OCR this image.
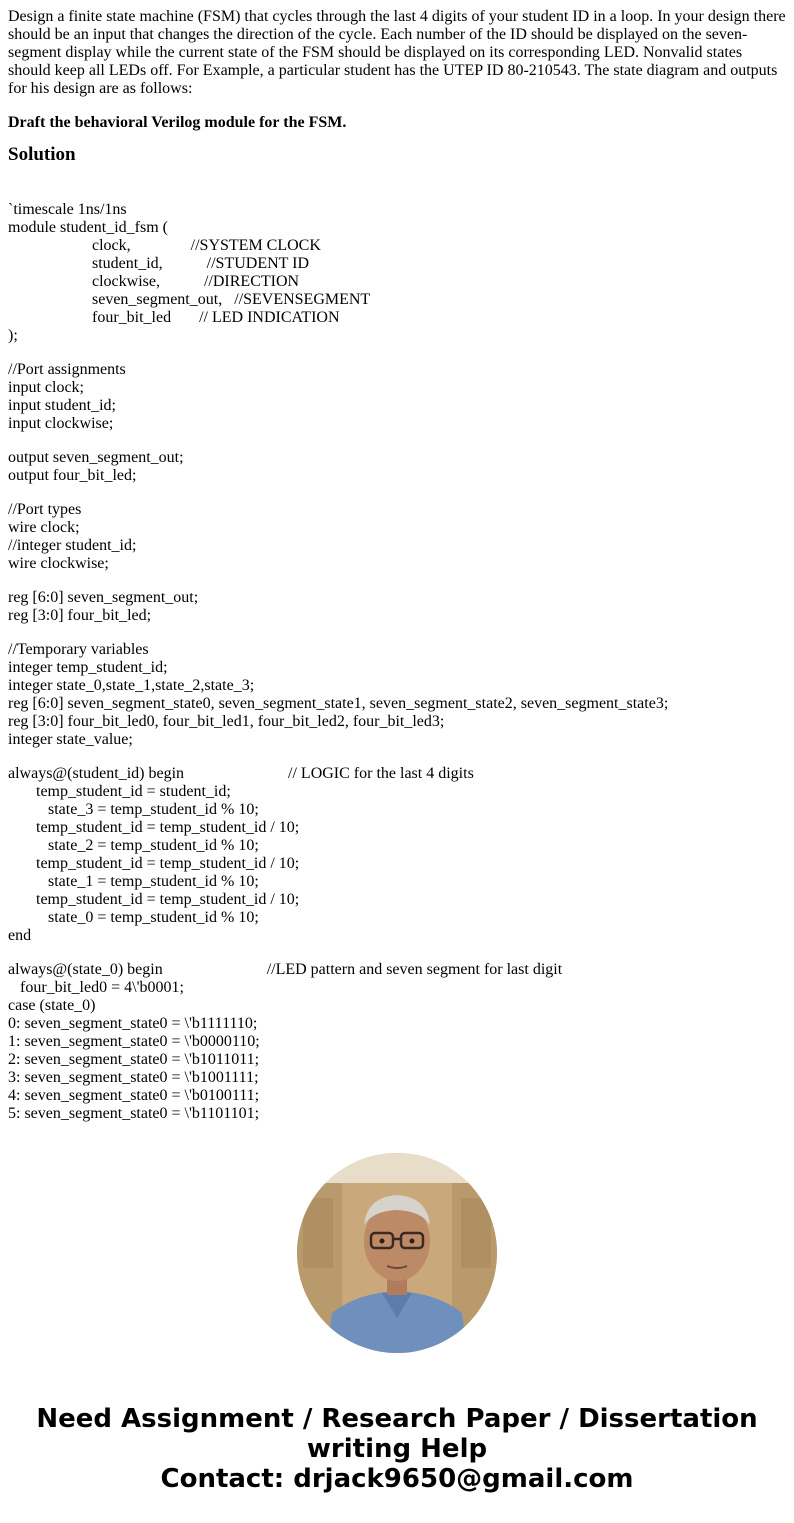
Design a finite state machine (FSM) that cycles through the last 4 digits of your student ID in a loop. In your design there should be an input that changes the direction of the cycle. Each number of the ID should be displayed on the seven-segment display while the current state of the FSM should be displayed on its corresponding LED. Nonvalid states should keep all LEDs off. For Example, a particular student has the UTEP ID 80-210543. The state diagram and outputs for his design are as follows:

Draft the behavioral Verilog module for the FSM.

Solution
`timescale 1ns/1ns
module student_id_fsm (
clock,               //SYSTEM CLOCK
student_id,           //STUDENT ID
clockwise,           //DIRECTION
seven_segment_out,   //SEVENSEGMENT
four_bit_led       // LED INDICATION
);
//Port assignments
input clock;
input student_id;
input clockwise;
output seven_segment_out;
output four_bit_led;
//Port types
wire clock;
//integer student_id;
wire clockwise;
reg [6:0] seven_segment_out;
reg [3:0] four_bit_led;
//Temporary variables
integer temp_student_id;
integer state_0,state_1,state_2,state_3;
reg [6:0] seven_segment_state0, seven_segment_state1, seven_segment_state2, seven_segment_state3;
reg [3:0] four_bit_led0, four_bit_led1, four_bit_led2, four_bit_led3;
integer state_value;
always@(student_id) begin                          // LOGIC for the last 4 digits
temp_student_id = student_id;
state_3 = temp_student_id % 10;
temp_student_id = temp_student_id / 10;
state_2 = temp_student_id % 10;
temp_student_id = temp_student_id / 10;
state_1 = temp_student_id % 10;
temp_student_id = temp_student_id / 10;
state_0 = temp_student_id % 10;
end
always@(state_0) begin                          //LED pattern and seven segment for last digit
four_bit_led0 = 4\'b0001;
case (state_0)
0: seven_segment_state0 = \'b1111110;
1: seven_segment_state0 = \'b0000110;
2: seven_segment_state0 = \'b1011011;
3: seven_segment_state0 = \'b1001111;
4: seven_segment_state0 = \'b0100111;
5: seven_segment_state0 = \'b1101101;
Need Assignment / Research Paper / Dissertation
writing Help
Contact: drjack9650@gmail.com
